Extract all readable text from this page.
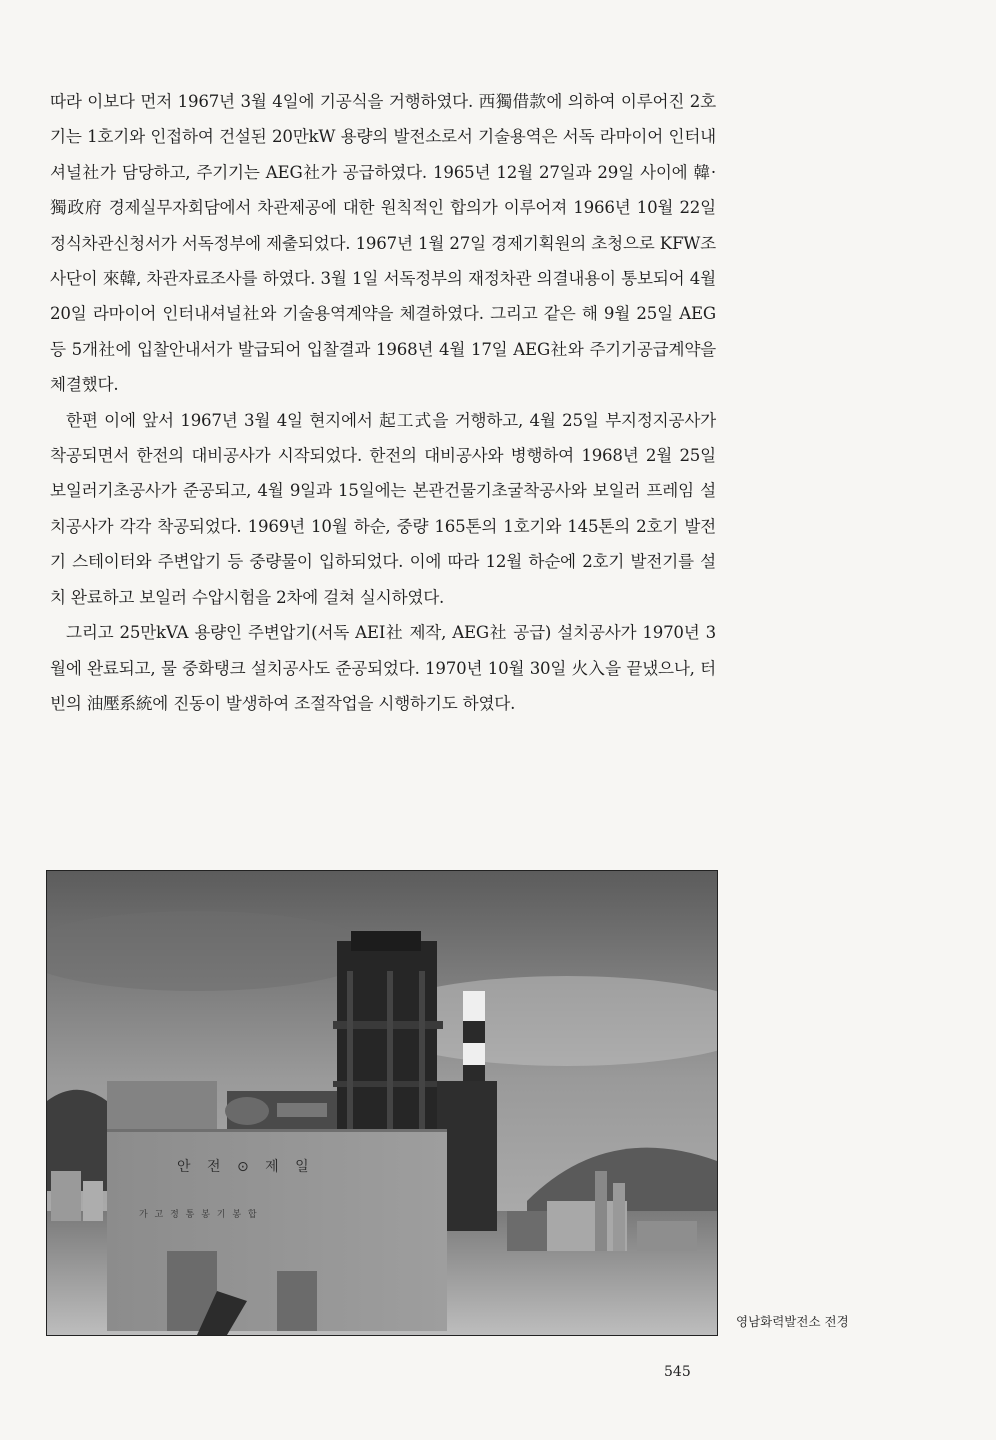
따라 이보다 먼저 1967년 3월 4일에 기공식을 거행하였다. 西獨借款에 의하여 이루어진 2호기는 1호기와 인접하여 건설된 20만kW 용량의 발전소로서 기술용역은 서독 라마이어 인터내셔널社가 담당하고, 주기기는 AEG社가 공급하였다. 1965년 12월 27일과 29일 사이에 韓·獨政府 경제실무자회담에서 차관제공에 대한 원칙적인 합의가 이루어져 1966년 10월 22일 정식차관신청서가 서독정부에 제출되었다. 1967년 1월 27일 경제기획원의 초청으로 KFW조사단이 來韓, 차관자료조사를 하였다. 3월 1일 서독정부의 재정차관 의결내용이 통보되어 4월 20일 라마이어 인터내셔널社와 기술용역계약을 체결하였다. 그리고 같은 해 9월 25일 AEG 등 5개社에 입찰안내서가 발급되어 입찰결과 1968년 4월 17일 AEG社와 주기기공급계약을 체결했다.

한편 이에 앞서 1967년 3월 4일 현지에서 起工式을 거행하고, 4월 25일 부지정지공사가 착공되면서 한전의 대비공사가 시작되었다. 한전의 대비공사와 병행하여 1968년 2월 25일 보일러기초공사가 준공되고, 4월 9일과 15일에는 본관건물기초굴착공사와 보일러 프레임 설치공사가 각각 착공되었다. 1969년 10월 하순, 중량 165톤의 1호기와 145톤의 2호기 발전기 스테이터와 주변압기 등 중량물이 입하되었다. 이에 따라 12월 하순에 2호기 발전기를 설치 완료하고 보일러 수압시험을 2차에 걸쳐 실시하였다.

그리고 25만kVA 용량인 주변압기(서독 AEI社 제작, AEG社 공급) 설치공사가 1970년 3월에 완료되고, 물 중화탱크 설치공사도 준공되었다. 1970년 10월 30일 火入을 끝냈으나, 터빈의 油壓系統에 진동이 발생하여 조절작업을 시행하기도 하였다.

안 전 ⊙ 제 일
가 고 정 통 봉 기 봉 합
영남화력발전소 전경
545
